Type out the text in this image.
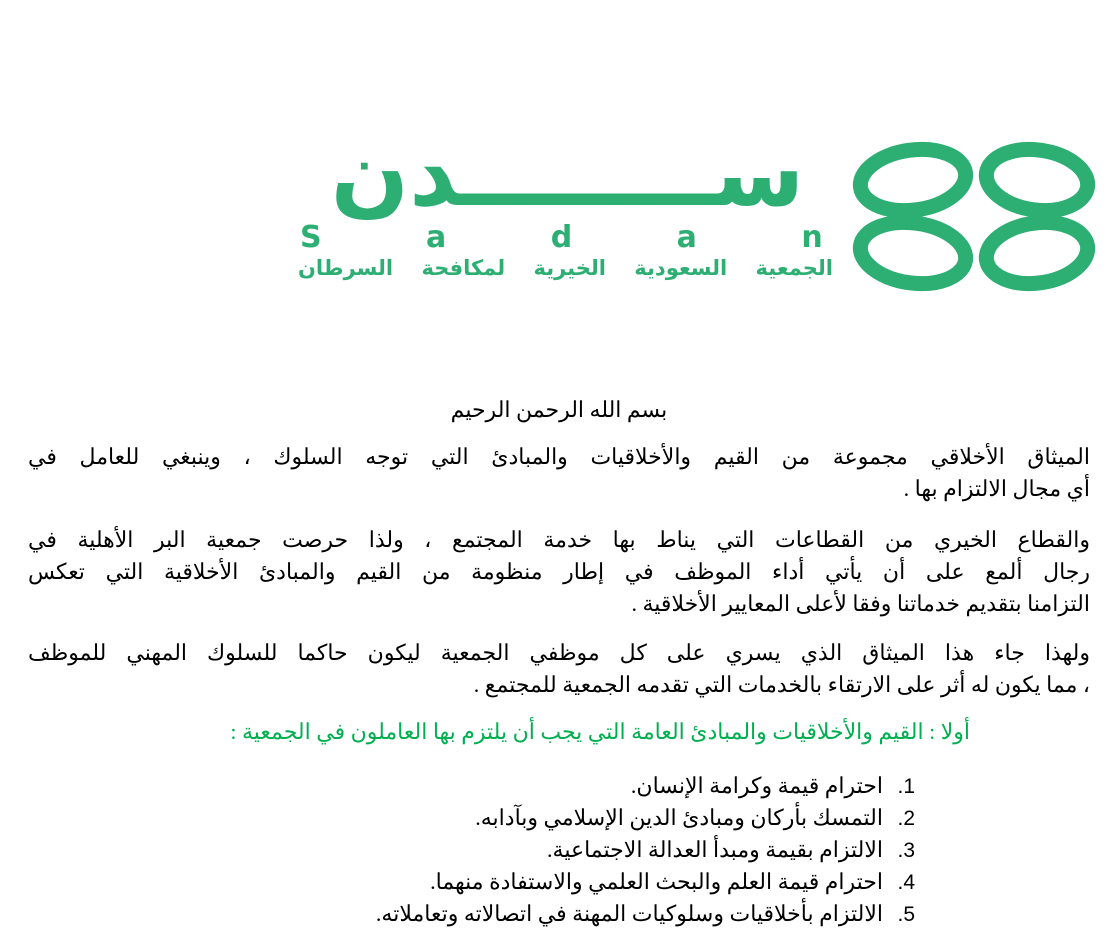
ســــــــدن
S a d a n
الجمعية السعودية الخيرية لمكافحة السرطان
بسم الله الرحمن الرحيم
الميثاق الأخلاقي مجموعة من القيم والأخلاقيات والمبادئ التي توجه السلوك ، وينبغي للعامل في
أي مجال الالتزام بها .
والقطاع الخيري من القطاعات التي يناط بها خدمة المجتمع ، ولذا حرصت جمعية البر الأهلية في
رجال ألمع على أن يأتي أداء الموظف في إطار منظومة من القيم والمبادئ الأخلاقية التي تعكس
التزامنا بتقديم خدماتنا وفقا لأعلى المعايير الأخلاقية .
ولهذا جاء هذا الميثاق الذي يسري على كل موظفي الجمعية ليكون حاكما للسلوك المهني للموظف
، مما يكون له أثر على الارتقاء بالخدمات التي تقدمه الجمعية للمجتمع .
أولا : القيم والأخلاقيات والمبادئ العامة التي يجب أن يلتزم بها العاملون في الجمعية :
1.
احترام قيمة وكرامة الإنسان.
2.
التمسك بأركان ومبادئ الدين الإسلامي وبآدابه.
3.
الالتزام بقيمة ومبدأ العدالة الاجتماعية.
4.
احترام قيمة العلم والبحث العلمي والاستفادة منهما.
5.
الالتزام بأخلاقيات وسلوكيات المهنة في اتصالاته وتعاملاته.
